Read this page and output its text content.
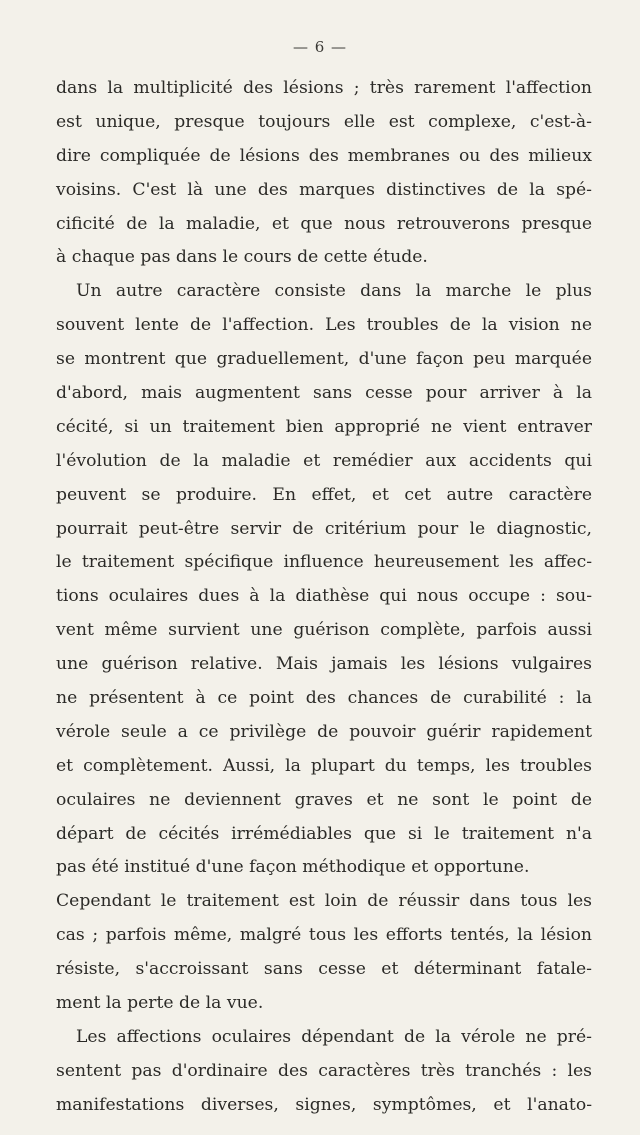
— 6 —
dans la multiplicité des lésions ; très rarement l'affection
est unique, presque toujours elle est complexe, c'est-à-
dire compliquée de lésions des membranes ou des milieux
voisins. C'est là une des marques distinctives de la spé-
cificité de la maladie, et que nous retrouverons presque
à chaque pas dans le cours de cette étude.
Un autre caractère consiste dans la marche le plus
souvent lente de l'affection. Les troubles de la vision ne
se montrent que graduellement, d'une façon peu marquée
d'abord, mais augmentent sans cesse pour arriver à la
cécité, si un traitement bien approprié ne vient entraver
l'évolution de la maladie et remédier aux accidents qui
peuvent se produire. En effet, et cet autre caractère
pourrait peut-être servir de critérium pour le diagnostic,
le traitement spécifique influence heureusement les affec-
tions oculaires dues à la diathèse qui nous occupe : sou-
vent même survient une guérison complète, parfois aussi
une guérison relative. Mais jamais les lésions vulgaires
ne présentent à ce point des chances de curabilité : la
vérole seule a ce privilège de pouvoir guérir rapidement
et complètement. Aussi, la plupart du temps, les troubles
oculaires ne deviennent graves et ne sont le point de
départ de cécités irrémédiables que si le traitement n'a
pas été institué d'une façon méthodique et opportune.
Cependant le traitement est loin de réussir dans tous les
cas ; parfois même, malgré tous les efforts tentés, la lésion
résiste, s'accroissant sans cesse et déterminant fatale-
ment la perte de la vue.
Les affections oculaires dépendant de la vérole ne pré-
sentent pas d'ordinaire des caractères très tranchés : les
manifestations diverses, signes, symptômes, et l'anato-
